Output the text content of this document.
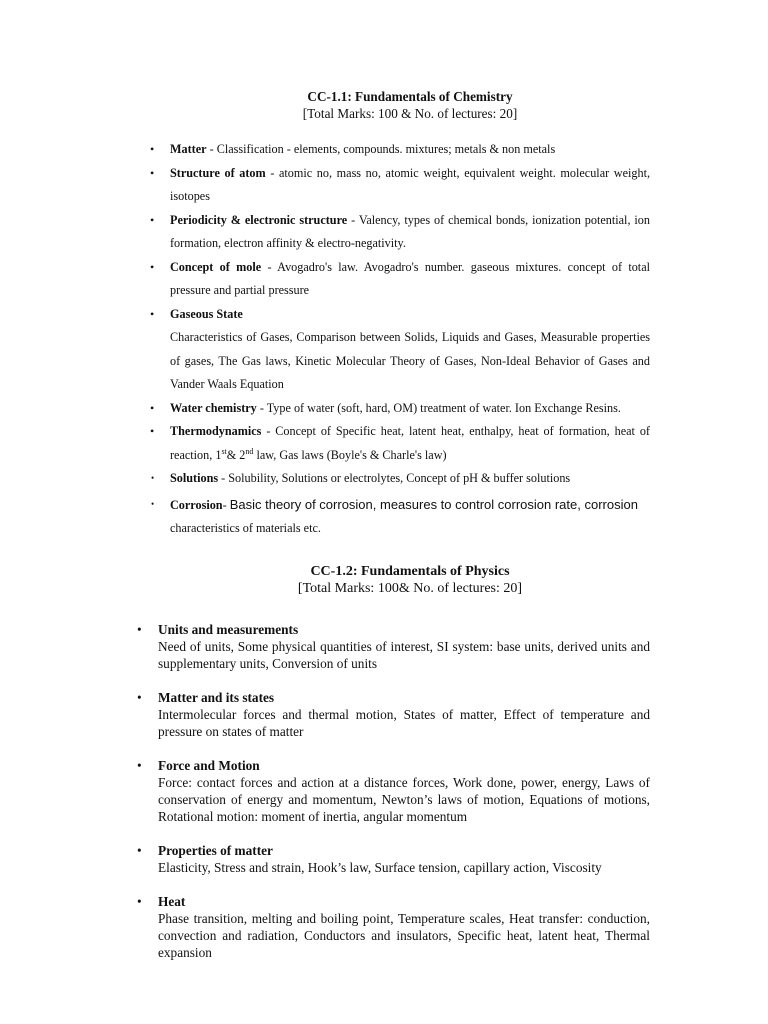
CC-1.1: Fundamentals of Chemistry
[Total Marks: 100 & No. of lectures: 20]
• Matter - Classification - elements, compounds. mixtures; metals & non metals
• Structure of atom - atomic no, mass no, atomic weight, equivalent weight. molecular weight, isotopes
• Periodicity & electronic structure - Valency, types of chemical bonds, ionization potential, ion formation, electron affinity & electro-negativity.
• Concept of mole - Avogadro's law. Avogadro's number. gaseous mixtures. concept of total pressure and partial pressure
• Gaseous State
Characteristics of Gases, Comparison between Solids, Liquids and Gases, Measurable properties of gases, The Gas laws, Kinetic Molecular Theory of Gases, Non-Ideal Behavior of Gases and Vander Waals Equation
• Water chemistry - Type of water (soft, hard, OM) treatment of water. Ion Exchange Resins.
• Thermodynamics - Concept of Specific heat, latent heat, enthalpy, heat of formation, heat of reaction, 1st& 2nd law, Gas laws (Boyle's & Charle's law)
• Solutions - Solubility, Solutions or electrolytes, Concept of pH & buffer solutions
• Corrosion- Basic theory of corrosion, measures to control corrosion rate, corrosion
characteristics of materials etc.
CC-1.2: Fundamentals of Physics
[Total Marks: 100& No. of lectures: 20]
• Units and measurements
Need of units, Some physical quantities of interest, SI system: base units, derived units and supplementary units, Conversion of units
• Matter and its states
Intermolecular forces and thermal motion, States of matter, Effect of temperature and pressure on states of matter
• Force and Motion
Force: contact forces and action at a distance forces, Work done, power, energy, Laws of conservation of energy and momentum, Newton’s laws of motion, Equations of motions, Rotational motion: moment of inertia, angular momentum
• Properties of matter
Elasticity, Stress and strain, Hook’s law, Surface tension, capillary action, Viscosity
• Heat
Phase transition, melting and boiling point, Temperature scales, Heat transfer: conduction, convection and radiation, Conductors and insulators, Specific heat, latent heat, Thermal expansion
